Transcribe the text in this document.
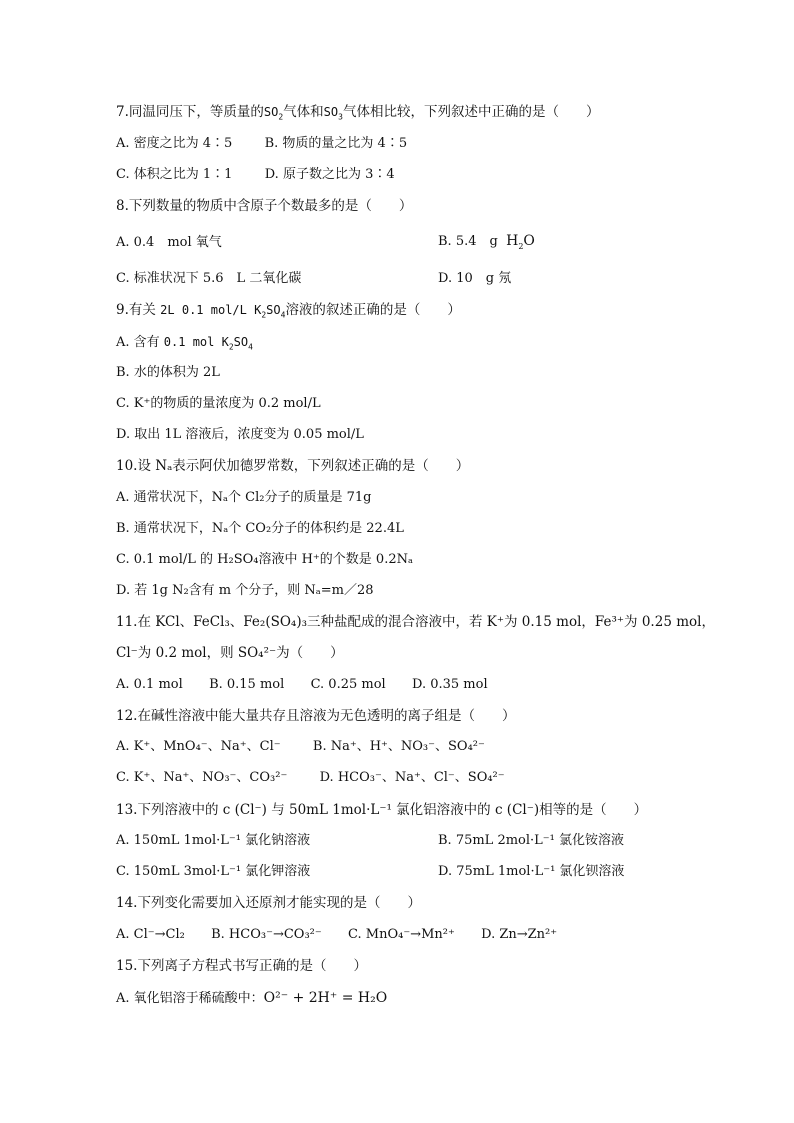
7.同温同压下，等质量的$SO_2$气体和$SO_3$气体相比较，下列叙述中正确的是（　　）
A. 密度之比为 4∶5 B. 物质的量之比为 4∶5
C. 体积之比为 1∶1 D. 原子数之比为 3∶4
8.下列数量的物质中含原子个数最多的是（　　）
A. 0.4　mol 氧气	B. 5.4　g $H_2O$
C. 标准状况下 5.6　L 二氧化碳	D. 10　g 氖
9.有关 2L 0.1 mol/L $K_2SO_4$溶液的叙述正确的是（　　）
A. 含有 0.1 mol $K_2SO_4$
B. 水的体积为 2L
C. K⁺的物质的量浓度为 0.2 mol/L
D. 取出 1L 溶液后，浓度变为 0.05 mol/L
10.设 Nₐ表示阿伏加德罗常数，下列叙述正确的是（　　）
A. 通常状况下，Nₐ个 Cl₂分子的质量是 71g
B. 通常状况下，Nₐ个 CO₂分子的体积约是 22.4L
C. 0.1 mol/L 的 H₂SO₄溶液中 H⁺的个数是 0.2Nₐ
D. 若 1g N₂含有 m 个分子，则 Nₐ=m／28
11.在 KCl、FeCl₃、Fe₂(SO₄)₃三种盐配成的混合溶液中，若 K⁺为 0.15 mol，Fe³⁺为 0.25 mol，
Cl⁻为 0.2 mol，则 SO₄²⁻为（　　）
A. 0.1 mol B. 0.15 mol C. 0.25 mol D. 0.35 mol
12.在碱性溶液中能大量共存且溶液为无色透明的离子组是（　　）
A. K⁺、MnO₄⁻、Na⁺、Cl⁻ B. Na⁺、H⁺、NO₃⁻、SO₄²⁻
C. K⁺、Na⁺、NO₃⁻、CO₃²⁻ D. HCO₃⁻、Na⁺、Cl⁻、SO₄²⁻
13.下列溶液中的 c (Cl⁻) 与 50mL 1mol·L⁻¹ 氯化铝溶液中的 c (Cl⁻)相等的是（　　）
A. 150mL 1mol·L⁻¹ 氯化钠溶液	B. 75mL 2mol·L⁻¹ 氯化铵溶液
C. 150mL 3mol·L⁻¹ 氯化钾溶液	D. 75mL 1mol·L⁻¹ 氯化钡溶液
14.下列变化需要加入还原剂才能实现的是（　　）
A. Cl⁻→Cl₂ B. HCO₃⁻→CO₃²⁻ C. MnO₄⁻→Mn²⁺ D. Zn→Zn²⁺
15.下列离子方程式书写正确的是（　　）
A. 氧化铝溶于稀硫酸中：O²⁻ + 2H⁺ = H₂O
